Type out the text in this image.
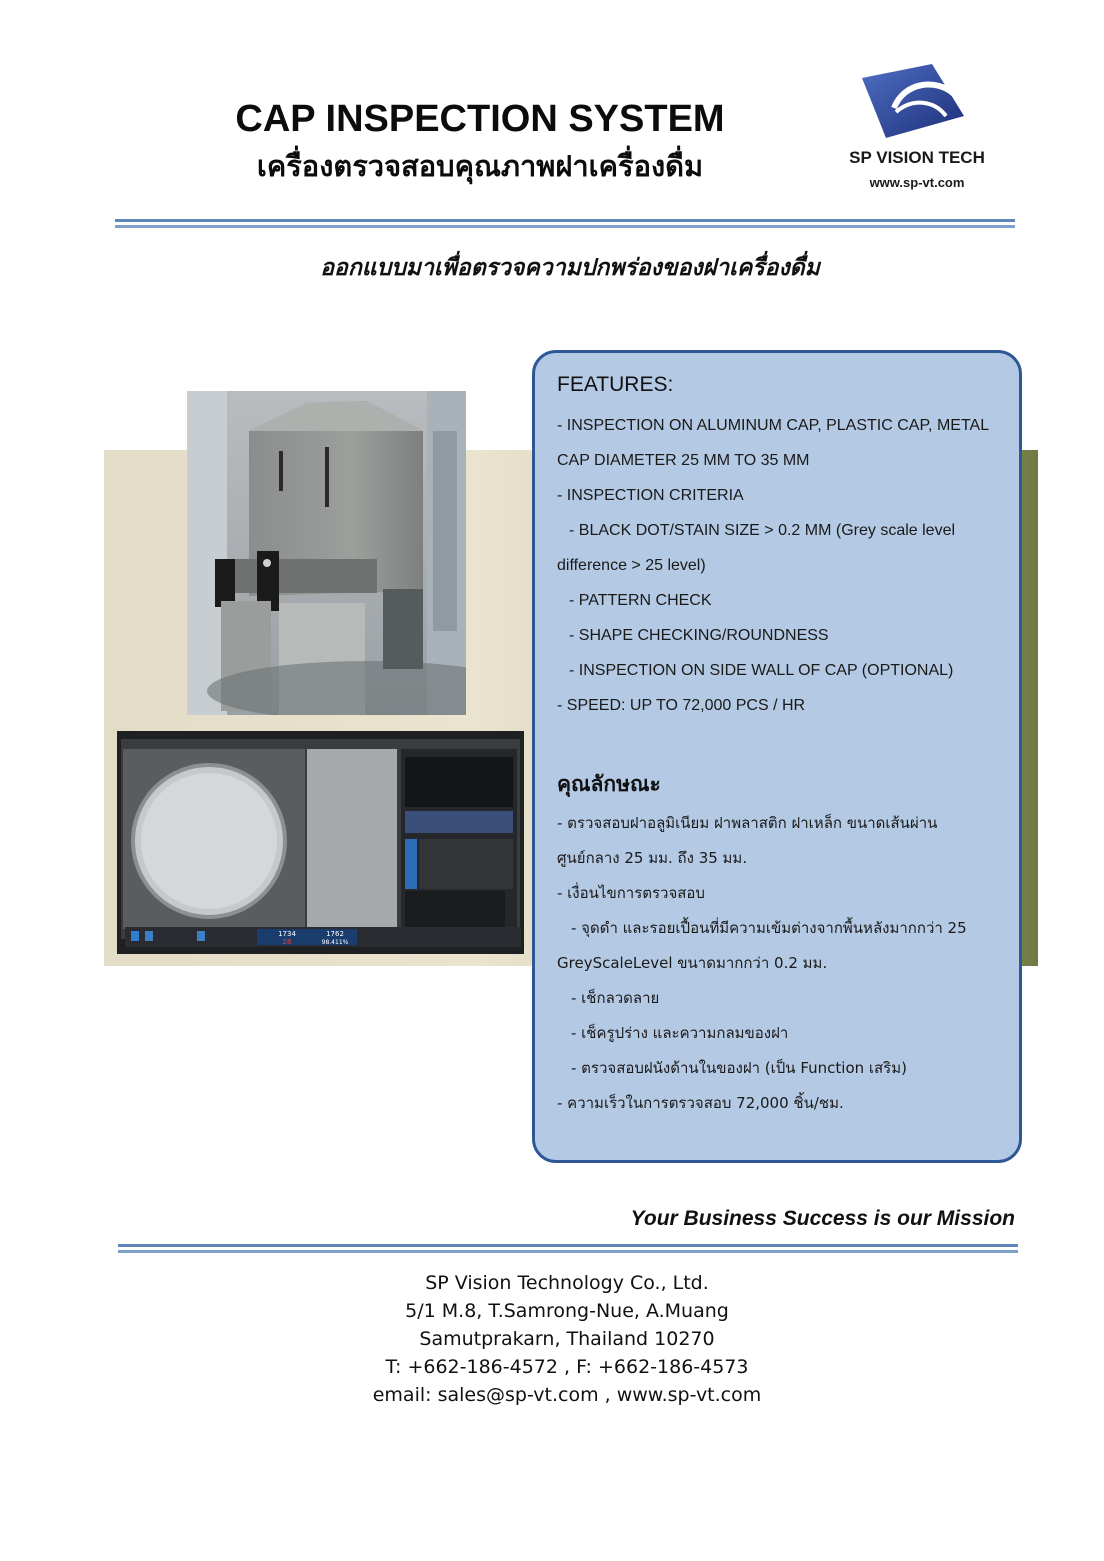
CAP INSPECTION SYSTEM
เครื่องตรวจสอบคุณภาพฝาเครื่องดื่ม	SP VISION TECH
www.sp-vt.com
ออกแบบมาเพื่อตรวจความปกพร่องของฝาเครื่องดื่ม
1734	1762
28	98.411%
FEATURES:
- INSPECTION ON ALUMINUM CAP, PLASTIC CAP, METAL
CAP DIAMETER 25 MM TO 35 MM
- INSPECTION CRITERIA
- BLACK DOT/STAIN SIZE > 0.2 MM (Grey scale level
difference > 25 level)
- PATTERN CHECK
- SHAPE CHECKING/ROUNDNESS
- INSPECTION ON SIDE WALL OF CAP (OPTIONAL)
- SPEED: UP TO 72,000 PCS / HR
คุณลักษณะ
- ตรวจสอบฝาอลูมิเนียม ฝาพลาสติก ฝาเหล็ก ขนาดเส้นผ่าน
ศูนย์กลาง 25 มม. ถึง 35 มม.
- เงื่อนไขการตรวจสอบ
- จุดดำ และรอยเปื้อนที่มีความเข้มต่างจากพื้นหลังมากกว่า 25
GreyScaleLevel ขนาดมากกว่า 0.2 มม.
- เช็กลวดลาย
- เช็ครูปร่าง และความกลมของฝา
- ตรวจสอบฝนังด้านในของฝา (เป็น Function เสริม)
- ความเร็วในการตรวจสอบ 72,000 ชิ้น/ชม.
Your Business Success is our Mission
SP Vision Technology Co., Ltd.
5/1 M.8, T.Samrong-Nue, A.Muang
Samutprakarn, Thailand 10270
T: +662-186-4572 , F: +662-186-4573
email: sales@sp-vt.com , www.sp-vt.com
